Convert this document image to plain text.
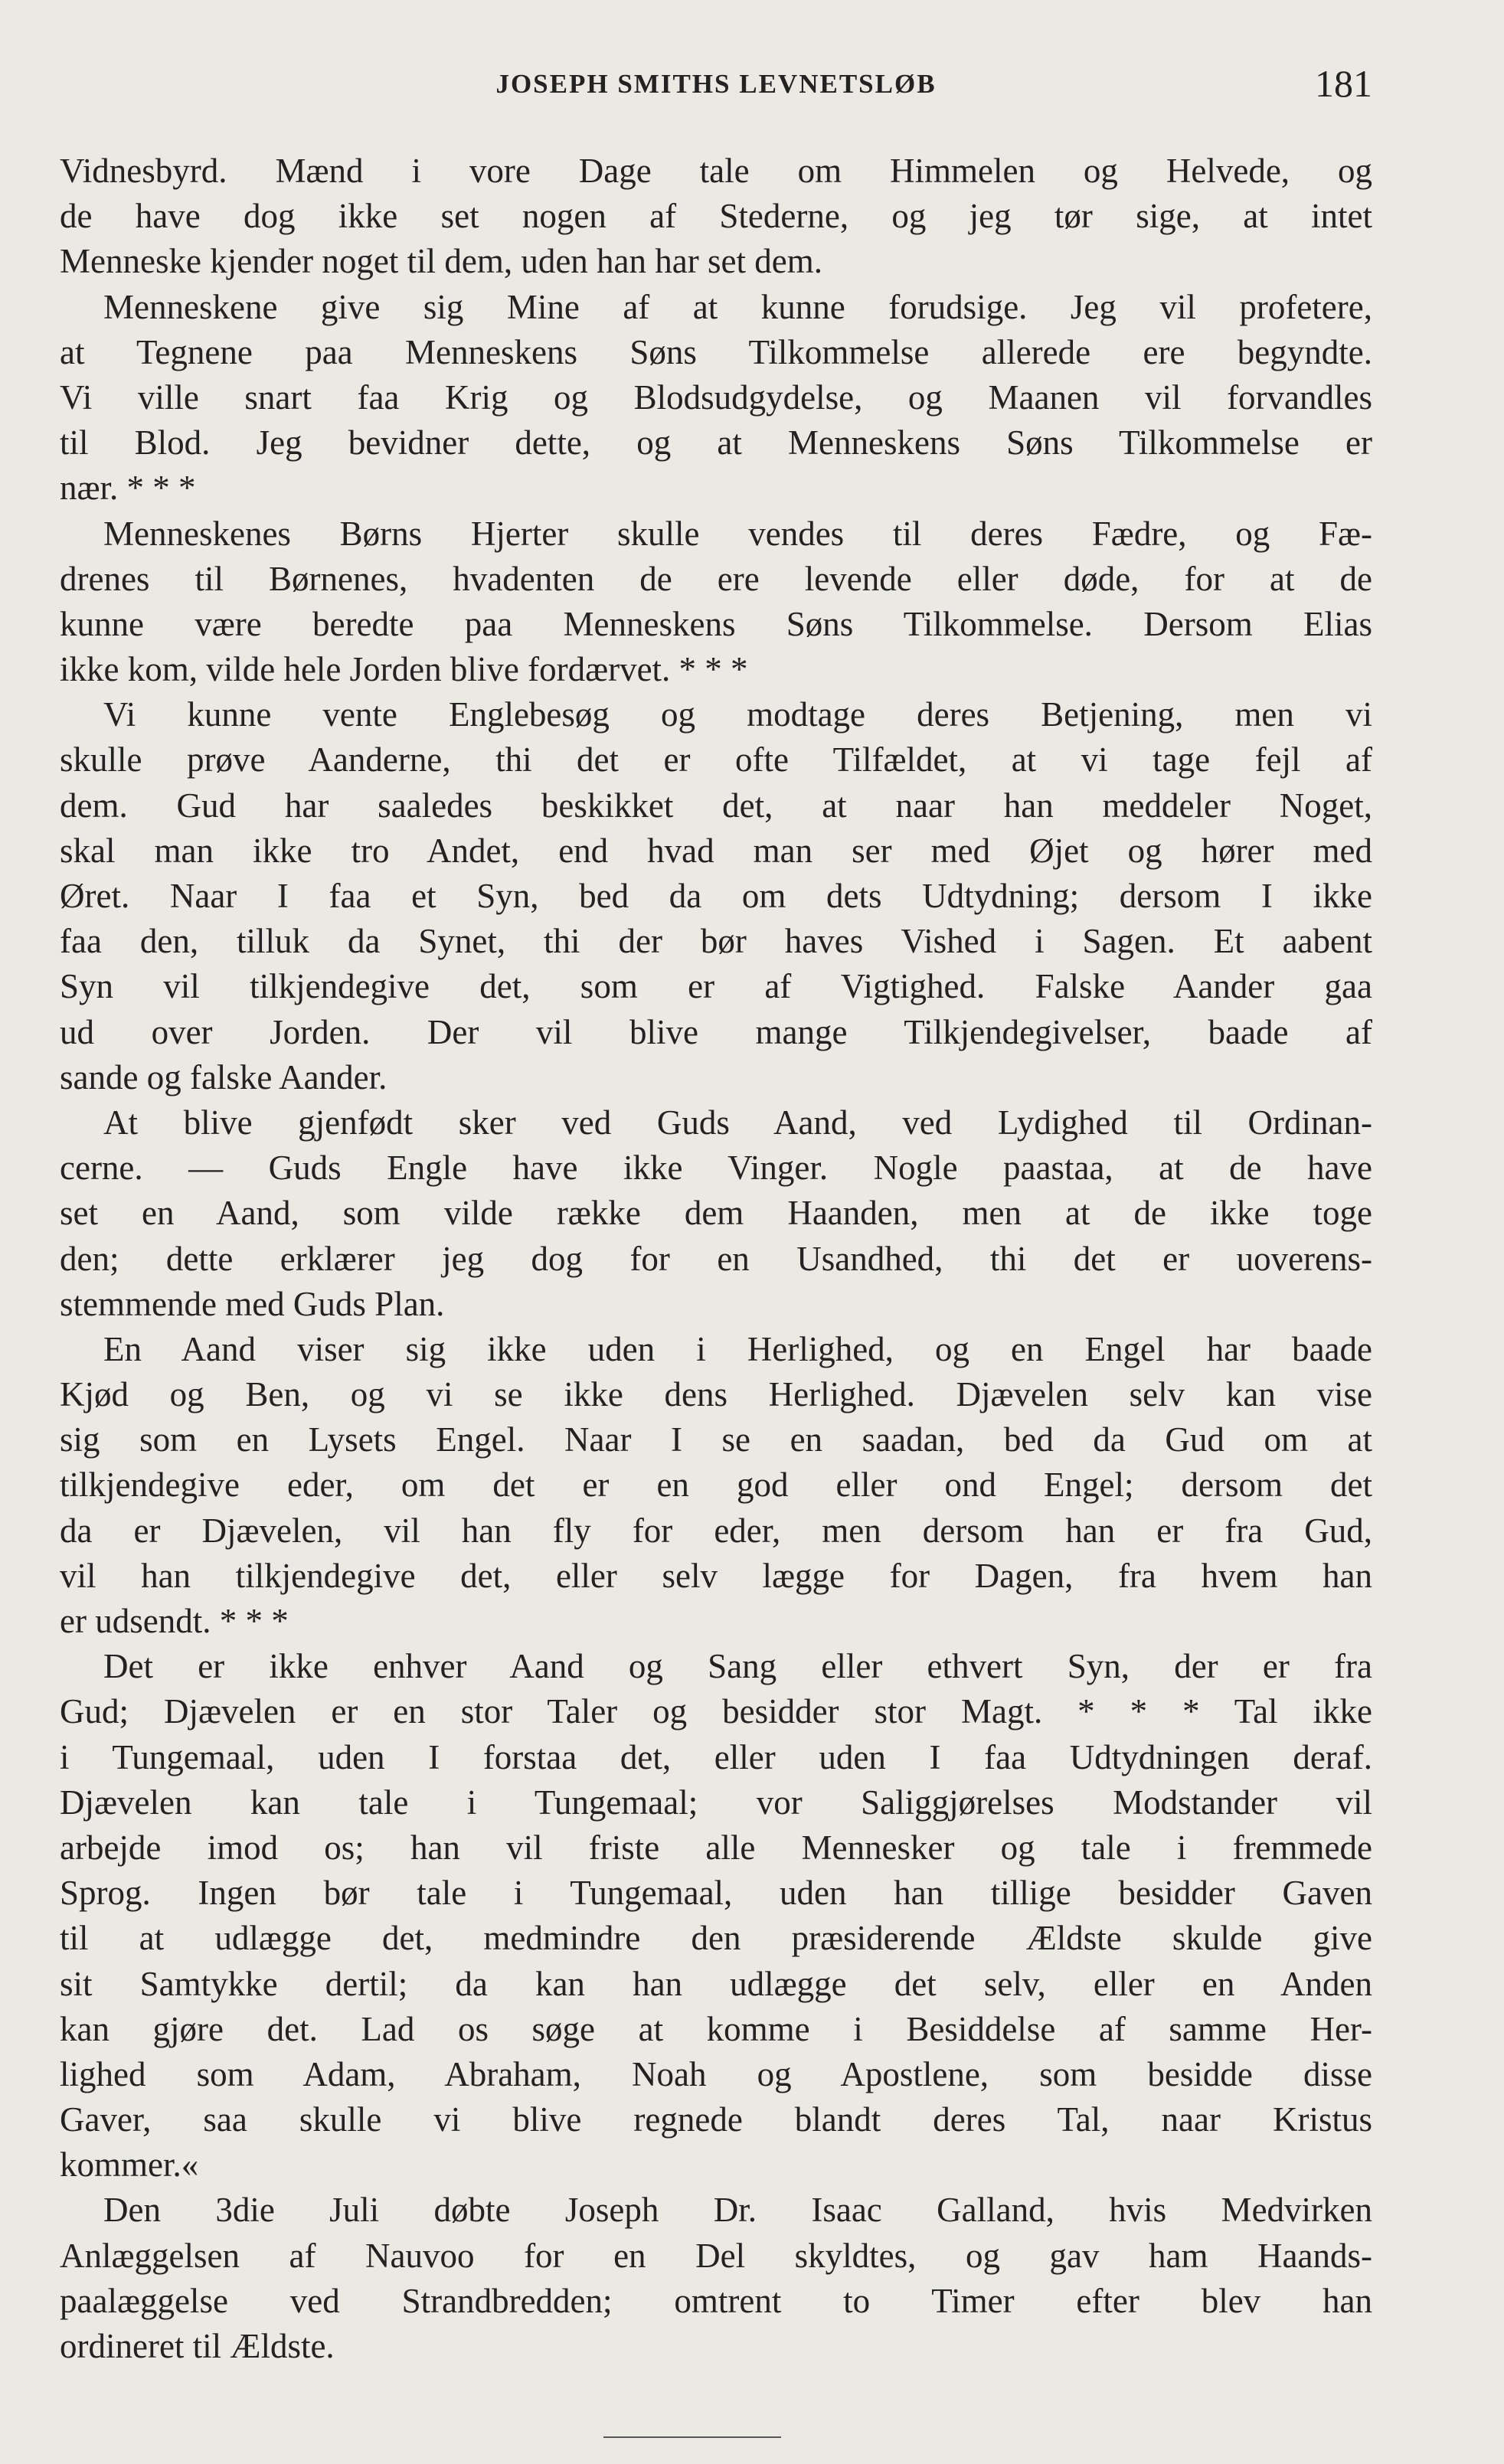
JOSEPH SMITHS LEVNETSLØB	181
Vidnesbyrd. Mænd i vore Dage tale om Himmelen og Helvede, og
de have dog ikke set nogen af Stederne, og jeg tør sige, at intet
Menneske kjender noget til dem, uden han har set dem.
Menneskene give sig Mine af at kunne forudsige. Jeg vil profetere,
at Tegnene paa Menneskens Søns Tilkommelse allerede ere begyndte.
Vi ville snart faa Krig og Blodsudgydelse, og Maanen vil forvandles
til Blod. Jeg bevidner dette, og at Menneskens Søns Tilkommelse er
nær. * * *
Menneskenes Børns Hjerter skulle vendes til deres Fædre, og Fæ-
drenes til Børnenes, hvadenten de ere levende eller døde, for at de
kunne være beredte paa Menneskens Søns Tilkommelse. Dersom Elias
ikke kom, vilde hele Jorden blive fordærvet. * * *
Vi kunne vente Englebesøg og modtage deres Betjening, men vi
skulle prøve Aanderne, thi det er ofte Tilfældet, at vi tage fejl af
dem. Gud har saaledes beskikket det, at naar han meddeler Noget,
skal man ikke tro Andet, end hvad man ser med Øjet og hører med
Øret. Naar I faa et Syn, bed da om dets Udtydning; dersom I ikke
faa den, tilluk da Synet, thi der bør haves Vished i Sagen. Et aabent
Syn vil tilkjendegive det, som er af Vigtighed. Falske Aander gaa
ud over Jorden. Der vil blive mange Tilkjendegivelser, baade af
sande og falske Aander.
At blive gjenfødt sker ved Guds Aand, ved Lydighed til Ordinan-
cerne. — Guds Engle have ikke Vinger. Nogle paastaa, at de have
set en Aand, som vilde række dem Haanden, men at de ikke toge
den; dette erklærer jeg dog for en Usandhed, thi det er uoverens-
stemmende med Guds Plan.
En Aand viser sig ikke uden i Herlighed, og en Engel har baade
Kjød og Ben, og vi se ikke dens Herlighed. Djævelen selv kan vise
sig som en Lysets Engel. Naar I se en saadan, bed da Gud om at
tilkjendegive eder, om det er en god eller ond Engel; dersom det
da er Djævelen, vil han fly for eder, men dersom han er fra Gud,
vil han tilkjendegive det, eller selv lægge for Dagen, fra hvem han
er udsendt. * * *
Det er ikke enhver Aand og Sang eller ethvert Syn, der er fra
Gud; Djævelen er en stor Taler og besidder stor Magt. * * * Tal ikke
i Tungemaal, uden I forstaa det, eller uden I faa Udtydningen deraf.
Djævelen kan tale i Tungemaal; vor Saliggjørelses Modstander vil
arbejde imod os; han vil friste alle Mennesker og tale i fremmede
Sprog. Ingen bør tale i Tungemaal, uden han tillige besidder Gaven
til at udlægge det, medmindre den præsiderende Ældste skulde give
sit Samtykke dertil; da kan han udlægge det selv, eller en Anden
kan gjøre det. Lad os søge at komme i Besiddelse af samme Her-
lighed som Adam, Abraham, Noah og Apostlene, som besidde disse
Gaver, saa skulle vi blive regnede blandt deres Tal, naar Kristus
kommer.«
Den 3die Juli døbte Joseph Dr. Isaac Galland, hvis Medvirken
Anlæggelsen af Nauvoo for en Del skyldtes, og gav ham Haands-
paalæggelse ved Strandbredden; omtrent to Timer efter blev han
ordineret til Ældste.
